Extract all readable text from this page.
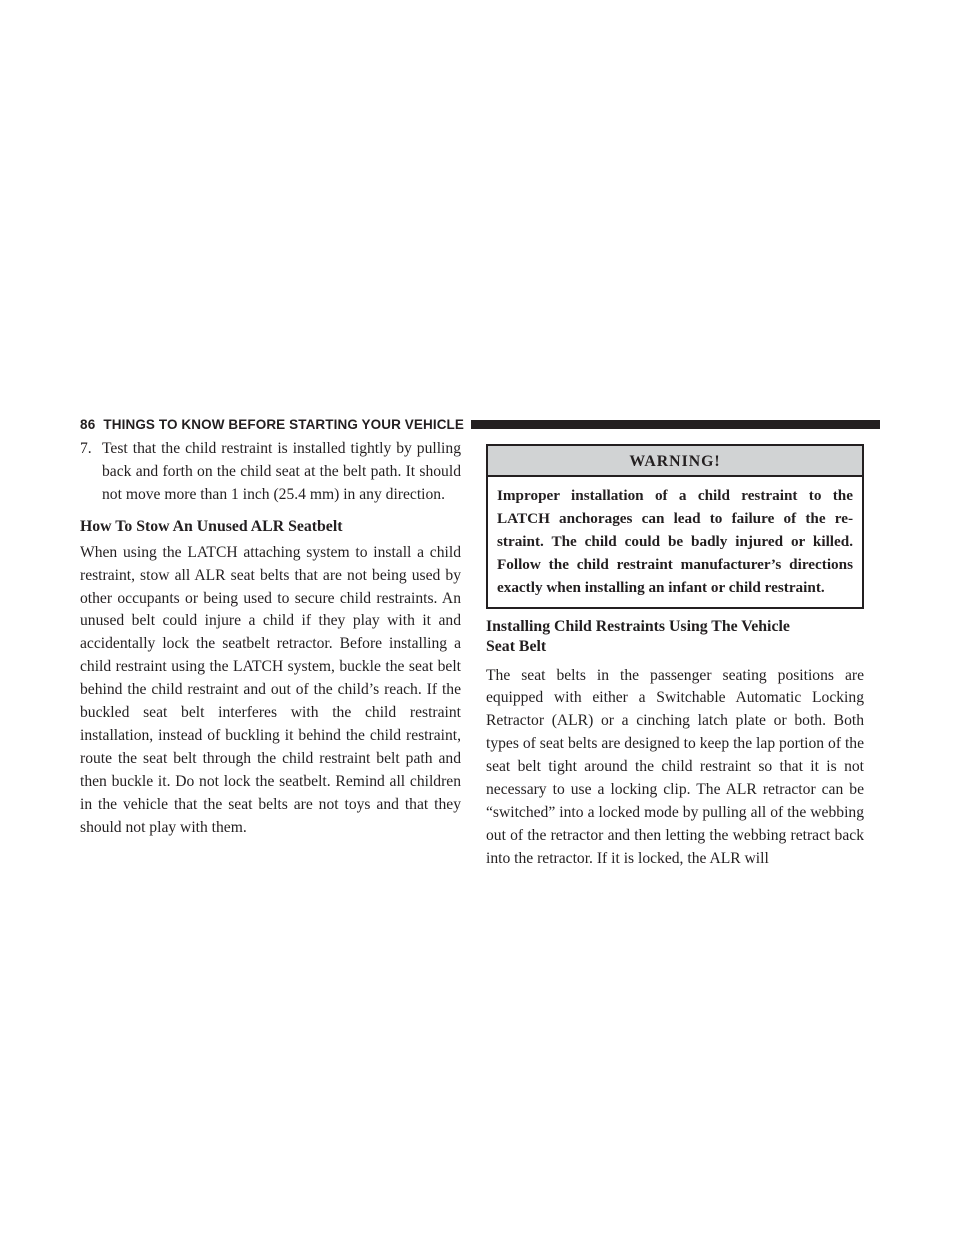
86 THINGS TO KNOW BEFORE STARTING YOUR VEHICLE
7. Test that the child restraint is installed tightly by pulling back and forth on the child seat at the belt path. It should not move more than 1 inch (25.4 mm) in any direction.
How To Stow An Unused ALR Seatbelt

When using the LATCH attaching system to install a child restraint, stow all ALR seat belts that are not being used by other occupants or being used to secure child restraints. An unused belt could injure a child if they play with it and accidentally lock the seatbelt retractor. Before installing a child restraint using the LATCH system, buckle the seat belt behind the child restraint and out of the child’s reach. If the buckled seat belt interferes with the child restraint installation, instead of buckling it behind the child restraint, route the seat belt through the child restraint belt path and then buckle it. Do not lock the seatbelt. Remind all children in the vehicle that the seat belts are not toys and that they should not play with them.

WARNING!
Improper installation of a child restraint to the LATCH anchorages can lead to failure of the re-straint. The child could be badly injured or killed. Follow the child restraint manufacturer’s directions exactly when installing an infant or child restraint.
Installing Child Restraints Using The Vehicle
Seat Belt

The seat belts in the passenger seating positions are equipped with either a Switchable Automatic Locking Retractor (ALR) or a cinching latch plate or both. Both types of seat belts are designed to keep the lap portion of the seat belt tight around the child restraint so that it is not necessary to use a locking clip. The ALR retractor can be “switched” into a locked mode by pulling all of the webbing out of the retractor and then letting the webbing retract back into the retractor. If it is locked, the ALR will
